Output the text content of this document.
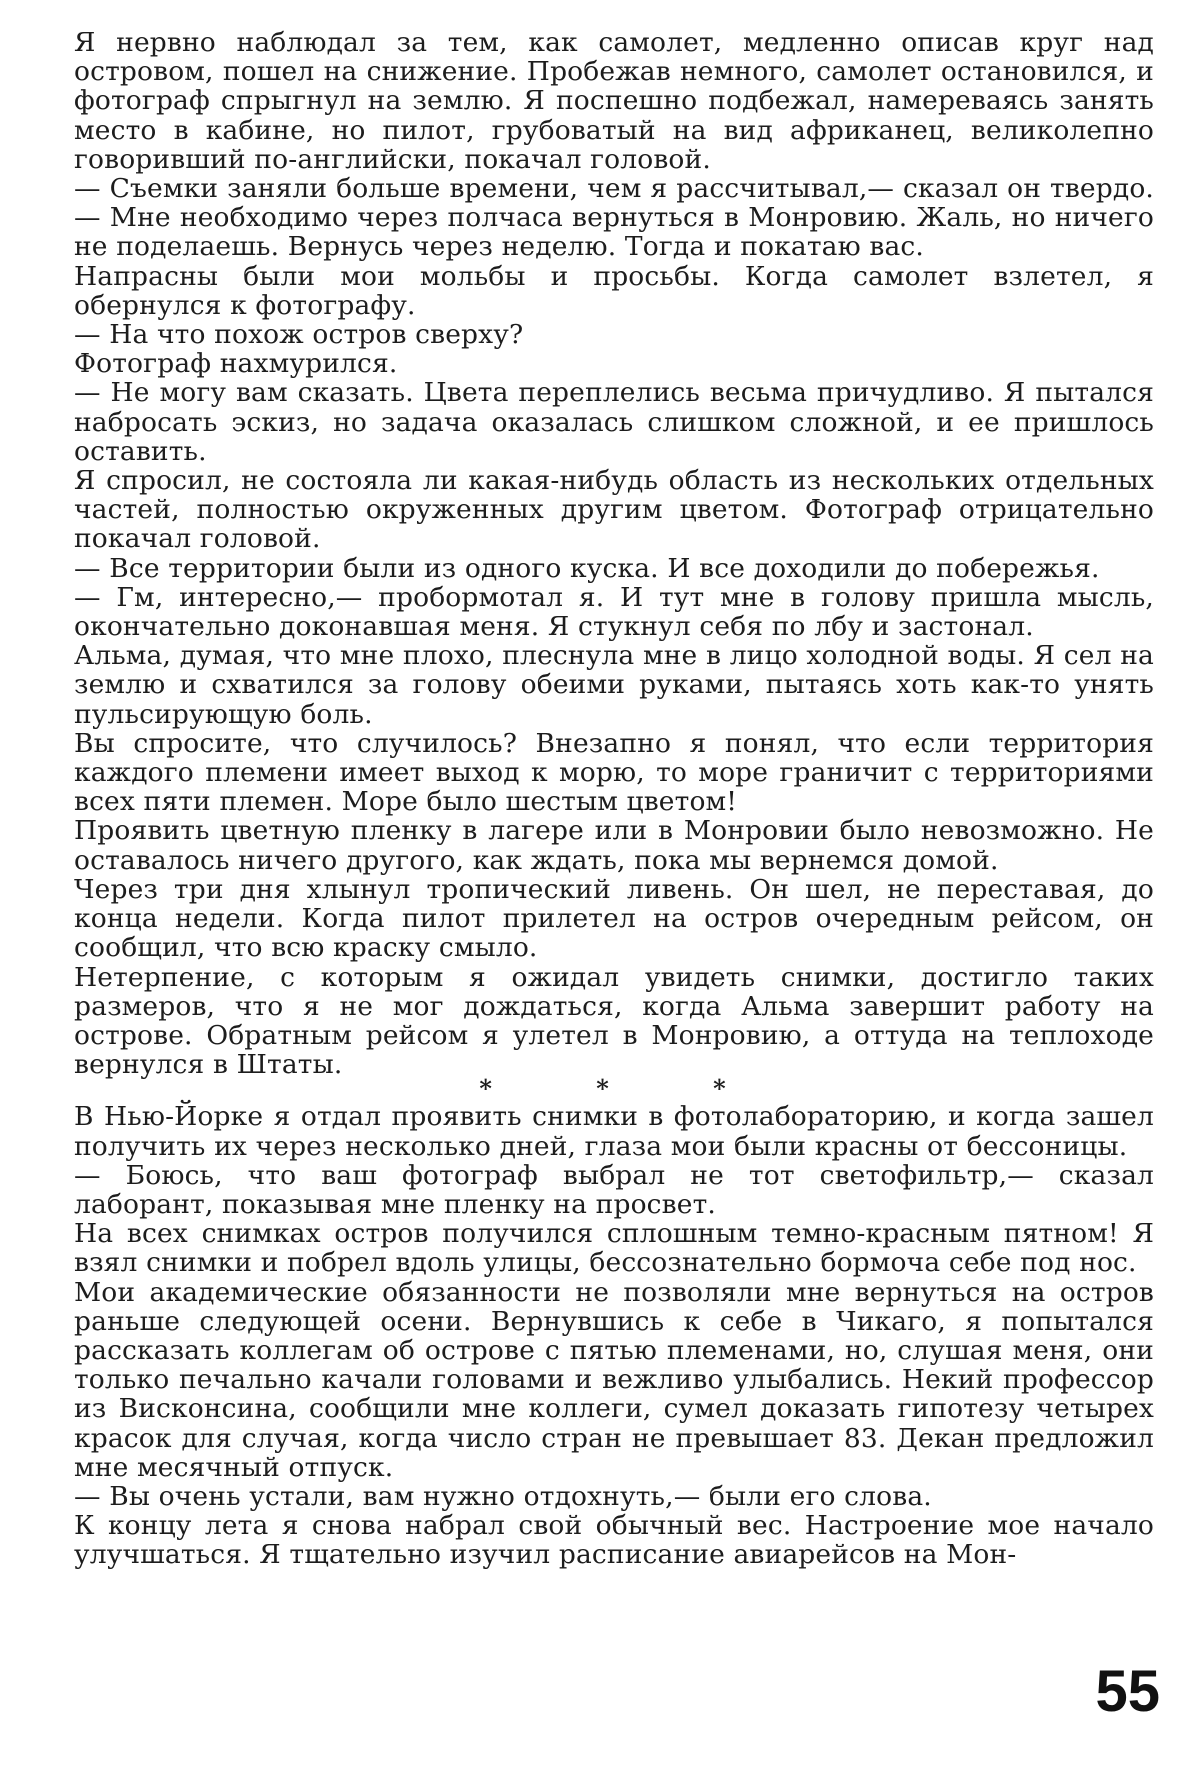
Я нервно наблюдал за тем, как самолет, медленно описав круг над островом, пошел на снижение. Пробежав немного, самолет остановился, и фотограф спрыгнул на землю. Я поспешно подбежал, намереваясь занять место в кабине, но пилот, грубоватый на вид африканец, великолепно говоривший по-английски, покачал головой.

— Съемки заняли больше времени, чем я рассчитывал,— сказал он твердо.— Мне необходимо через полчаса вернуться в Монровию. Жаль, но ничего не поделаешь. Вернусь через неделю. Тогда и покатаю вас.

Напрасны были мои мольбы и просьбы. Когда самолет взлетел, я обернулся к фотографу.

— На что похож остров сверху?

Фотограф нахмурился.

— Не могу вам сказать. Цвета переплелись весьма причудливо. Я пытался набросать эскиз, но задача оказалась слишком сложной, и ее пришлось оставить.

Я спросил, не состояла ли какая-нибудь область из нескольких отдельных частей, полностью окруженных другим цветом. Фотограф отрицательно покачал головой.

— Все территории были из одного куска. И все доходили до побережья.

— Гм, интересно,— пробормотал я. И тут мне в голову пришла мысль, окончательно доконавшая меня. Я стукнул себя по лбу и застонал.

Альма, думая, что мне плохо, плеснула мне в лицо холодной воды. Я сел на землю и схватился за голову обеими руками, пытаясь хоть как-то унять пульсирующую боль.

Вы спросите, что случилось? Внезапно я понял, что если территория каждого племени имеет выход к морю, то море граничит с территориями всех пяти племен. Море было шестым цветом!

Проявить цветную пленку в лагере или в Монровии было невозможно. Не оставалось ничего другого, как ждать, пока мы вернемся домой.

Через три дня хлынул тропический ливень. Он шел, не переставая, до конца недели. Когда пилот прилетел на остров очередным рейсом, он сообщил, что всю краску смыло.

Нетерпение, с которым я ожидал увидеть снимки, достигло таких размеров, что я не мог дождаться, когда Альма завершит работу на острове. Обратным рейсом я улетел в Монровию, а оттуда на теплоходе вернулся в Штаты.

* * *

В Нью-Йорке я отдал проявить снимки в фотолабораторию, и когда зашел получить их через несколько дней, глаза мои были красны от бессоницы.

— Боюсь, что ваш фотограф выбрал не тот светофильтр,— сказал лаборант, показывая мне пленку на просвет.

На всех снимках остров получился сплошным темно-красным пятном! Я взял снимки и побрел вдоль улицы, бессознательно бормоча себе под нос.

Мои академические обязанности не позволяли мне вернуться на остров раньше следующей осени. Вернувшись к себе в Чикаго, я попытался рассказать коллегам об острове с пятью племенами, но, слушая меня, они только печально качали головами и вежливо улыбались. Некий профессор из Висконсина, сообщили мне коллеги, сумел доказать гипотезу четырех красок для случая, когда число стран не превышает 83. Декан предложил мне месячный отпуск.

— Вы очень устали, вам нужно отдохнуть,— были его слова.

К концу лета я снова набрал свой обычный вес. Настроение мое начало улучшаться. Я тщательно изучил расписание авиарейсов на Мон-

55
